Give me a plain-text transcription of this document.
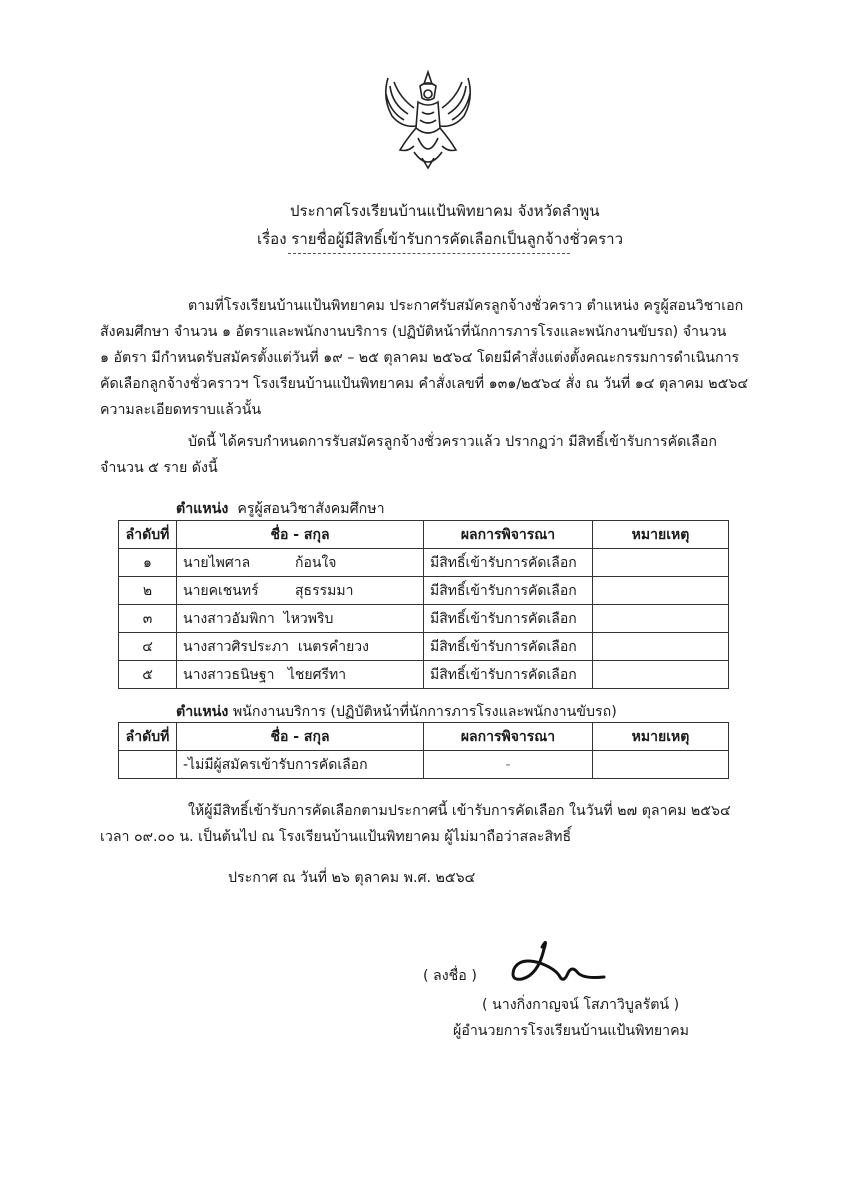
ประกาศโรงเรียนบ้านแป้นพิทยาคม จังหวัดลำพูน
เรื่อง รายชื่อผู้มีสิทธิ์เข้ารับการคัดเลือกเป็นลูกจ้างชั่วคราว
ตามที่โรงเรียนบ้านแป้นพิทยาคม ประกาศรับสมัครลูกจ้างชั่วคราว ตำแหน่ง ครูผู้สอนวิชาเอก
สังคมศึกษา จำนวน ๑ อัตราและพนักงานบริการ (ปฏิบัติหน้าที่นักการภารโรงและพนักงานขับรถ) จำนวน
๑ อัตรา มีกำหนดรับสมัครตั้งแต่วันที่ ๑๙ – ๒๕ ตุลาคม ๒๕๖๔ โดยมีคำสั่งแต่งตั้งคณะกรรมการดำเนินการ
คัดเลือกลูกจ้างชั่วคราวฯ โรงเรียนบ้านแป้นพิทยาคม คำสั่งเลขที่ ๑๓๑/๒๕๖๔ สั่ง ณ วันที่ ๑๔ ตุลาคม ๒๕๖๔
ความละเอียดทราบแล้วนั้น
บัดนี้ ได้ครบกำหนดการรับสมัครลูกจ้างชั่วคราวแล้ว ปรากฏว่า มีสิทธิ์เข้ารับการคัดเลือก
จำนวน ๕ ราย ดังนี้
ตำแหน่ง ครูผู้สอนวิชาสังคมศึกษา
ลำดับที่	ชื่อ - สกุล	ผลการพิจารณา	หมายเหตุ
๑	นายไพศาล ก้อนใจ	มีสิทธิ์เข้ารับการคัดเลือก	
๒	นายคเชนทร์ สุธรรมมา	มีสิทธิ์เข้ารับการคัดเลือก	
๓	นางสาวอัมพิกา ไหวพริบ	มีสิทธิ์เข้ารับการคัดเลือก	
๔	นางสาวศิรประภา เนตรคำยวง	มีสิทธิ์เข้ารับการคัดเลือก	
๕	นางสาวธนิษฐา ไชยศรีทา	มีสิทธิ์เข้ารับการคัดเลือก	
ตำแหน่ง พนักงานบริการ (ปฏิบัติหน้าที่นักการภารโรงและพนักงานขับรถ)
ลำดับที่	ชื่อ - สกุล	ผลการพิจารณา	หมายเหตุ
	-ไม่มีผู้สมัครเข้ารับการคัดเลือก	-	
ให้ผู้มีสิทธิ์เข้ารับการคัดเลือกตามประกาศนี้ เข้ารับการคัดเลือก ในวันที่ ๒๗ ตุลาคม ๒๕๖๔
เวลา ๐๙.๐๐ น. เป็นต้นไป ณ โรงเรียนบ้านแป้นพิทยาคม ผู้ไม่มาถือว่าสละสิทธิ์
ประกาศ ณ วันที่ ๒๖ ตุลาคม พ.ศ. ๒๕๖๔
( ลงชื่อ )
( นางกิ่งกาญจน์ โสภาวิบูลรัตน์ )
ผู้อำนวยการโรงเรียนบ้านแป้นพิทยาคม
